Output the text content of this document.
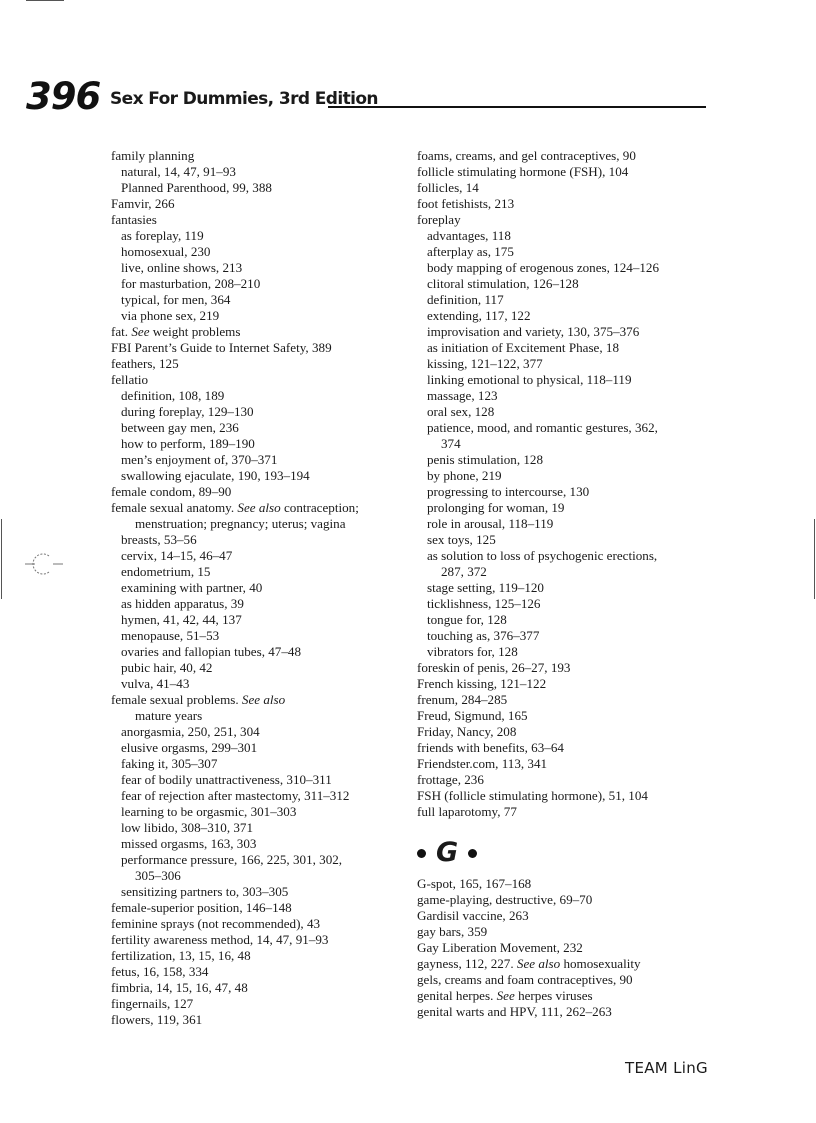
396 Sex For Dummies, 3rd Edition
family planning
natural, 14, 47, 91–93
Planned Parenthood, 99, 388
Famvir, 266
fantasies
as foreplay, 119
homosexual, 230
live, online shows, 213
for masturbation, 208–210
typical, for men, 364
via phone sex, 219
fat. See weight problems
FBI Parent’s Guide to Internet Safety, 389
feathers, 125
fellatio
definition, 108, 189
during foreplay, 129–130
between gay men, 236
how to perform, 189–190
men’s enjoyment of, 370–371
swallowing ejaculate, 190, 193–194
female condom, 89–90
female sexual anatomy. See also contraception;
menstruation; pregnancy; uterus; vagina
breasts, 53–56
cervix, 14–15, 46–47
endometrium, 15
examining with partner, 40
as hidden apparatus, 39
hymen, 41, 42, 44, 137
menopause, 51–53
ovaries and fallopian tubes, 47–48
pubic hair, 40, 42
vulva, 41–43
female sexual problems. See also
mature years
anorgasmia, 250, 251, 304
elusive orgasms, 299–301
faking it, 305–307
fear of bodily unattractiveness, 310–311
fear of rejection after mastectomy, 311–312
learning to be orgasmic, 301–303
low libido, 308–310, 371
missed orgasms, 163, 303
performance pressure, 166, 225, 301, 302,
305–306
sensitizing partners to, 303–305
female-superior position, 146–148
feminine sprays (not recommended), 43
fertility awareness method, 14, 47, 91–93
fertilization, 13, 15, 16, 48
fetus, 16, 158, 334
fimbria, 14, 15, 16, 47, 48
fingernails, 127
flowers, 119, 361
foams, creams, and gel contraceptives, 90
follicle stimulating hormone (FSH), 104
follicles, 14
foot fetishists, 213
foreplay
advantages, 118
afterplay as, 175
body mapping of erogenous zones, 124–126
clitoral stimulation, 126–128
definition, 117
extending, 117, 122
improvisation and variety, 130, 375–376
as initiation of Excitement Phase, 18
kissing, 121–122, 377
linking emotional to physical, 118–119
massage, 123
oral sex, 128
patience, mood, and romantic gestures, 362,
374
penis stimulation, 128
by phone, 219
progressing to intercourse, 130
prolonging for woman, 19
role in arousal, 118–119
sex toys, 125
as solution to loss of psychogenic erections,
287, 372
stage setting, 119–120
ticklishness, 125–126
tongue for, 128
touching as, 376–377
vibrators for, 128
foreskin of penis, 26–27, 193
French kissing, 121–122
frenum, 284–285
Freud, Sigmund, 165
Friday, Nancy, 208
friends with benefits, 63–64
Friendster.com, 113, 341
frottage, 236
FSH (follicle stimulating hormone), 51, 104
full laparotomy, 77
G
G-spot, 165, 167–168
game-playing, destructive, 69–70
Gardisil vaccine, 263
gay bars, 359
Gay Liberation Movement, 232
gayness, 112, 227. See also homosexuality
gels, creams and foam contraceptives, 90
genital herpes. See herpes viruses
genital warts and HPV, 111, 262–263
TEAM LinG
